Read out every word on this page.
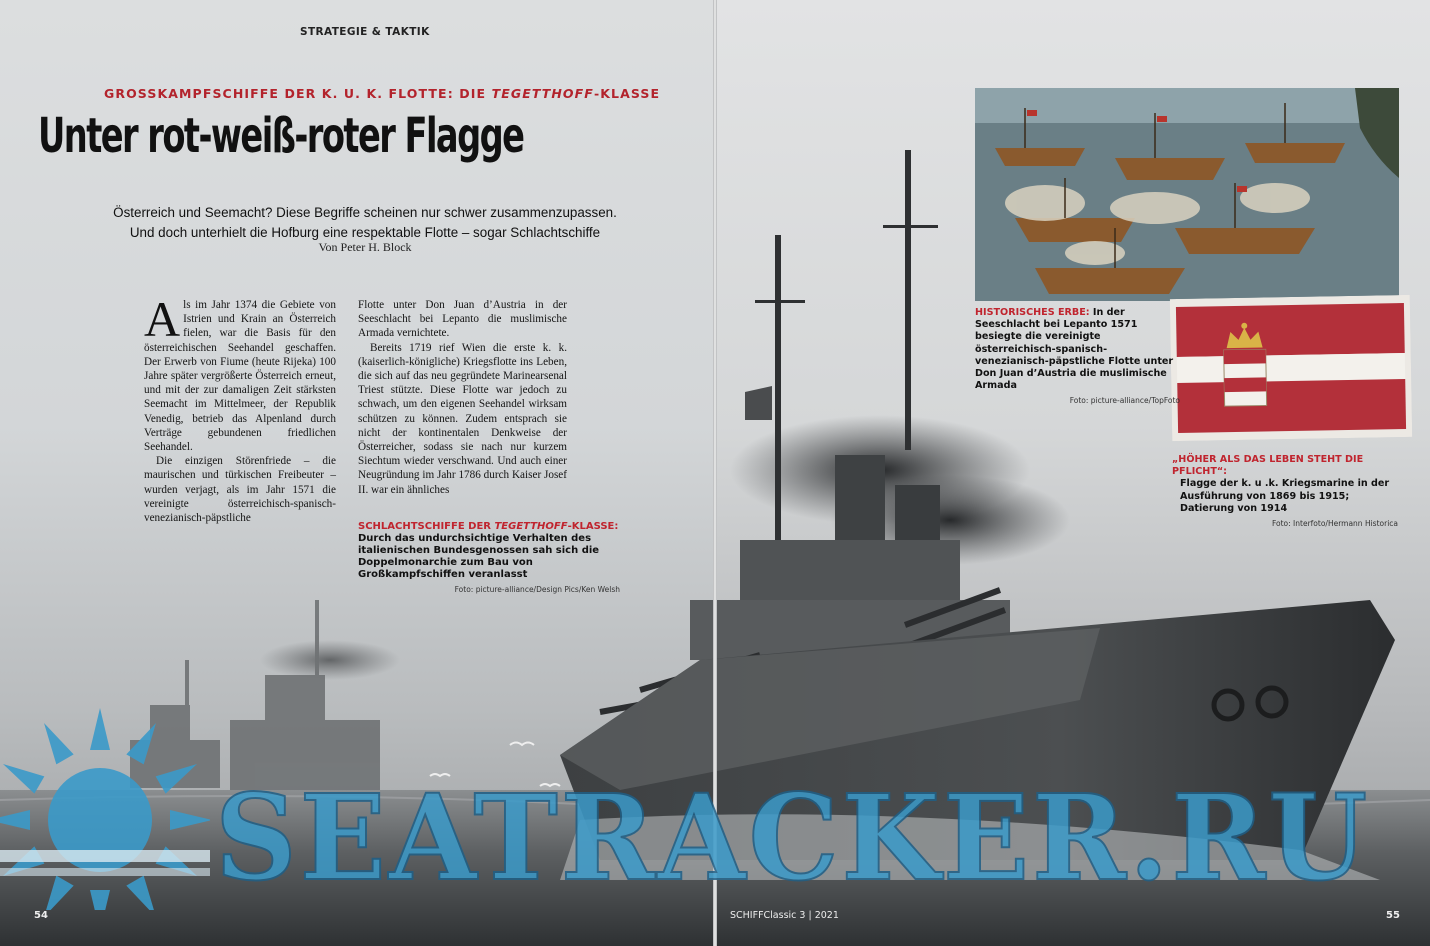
STRATEGIE & TAKTIK
GROSSKAMPFSCHIFFE DER K. U. K. FLOTTE: DIE TEGETTHOFF-KLASSE
Unter rot-weiß-roter Flagge
Österreich und Seemacht? Diese Begriffe scheinen nur schwer zusammenzupassen.
Und doch unterhielt die Hofburg eine respektable Flotte – sogar Schlachtschiffe
Von Peter H. Block

Als im Jahr 1374 die Gebiete von Istrien und Krain an Österreich fielen, war die Basis für den österreichischen Seehandel geschaffen. Der Erwerb von Fiume (heute Rijeka) 100 Jahre später vergrößerte Österreich erneut, und mit der zur damaligen Zeit stärksten Seemacht im Mittelmeer, der Republik Venedig, betrieb das Alpenland durch Verträge gebundenen friedlichen Seehandel.

Die einzigen Störenfriede – die maurischen und türkischen Freibeuter – wurden verjagt, als im Jahr 1571 die vereinigte österreichisch-spanisch-venezianisch-päpstliche

Flotte unter Don Juan d’Austria in der Seeschlacht bei Lepanto die muslimische Armada vernichtete.

Bereits 1719 rief Wien die erste k. k. (kaiserlich-königliche) Kriegsflotte ins Leben, die sich auf das neu gegründete Marinearsenal Triest stützte. Diese Flotte war jedoch zu schwach, um den eigenen Seehandel wirksam schützen zu können. Zudem entsprach sie nicht der kontinentalen Denkweise der Österreicher, sodass sie nach nur kurzem Siechtum wieder verschwand. Und auch einer Neugründung im Jahr 1786 durch Kaiser Josef II. war ein ähnliches

SCHLACHTSCHIFFE DER TEGETTHOFF-KLASSE:
Durch das undurchsichtige Verhalten des italienischen Bundesgenossen sah sich die Doppelmonarchie zum Bau von Großkampfschiffen veranlasst
Foto: picture-alliance/Design Pics/Ken Welsh
HISTORISCHES ERBE: In der Seeschlacht bei Lepanto 1571 besiegte die vereinigte österreichisch-spanisch-venezianisch-päpstliche Flotte unter Don Juan d’Austria die muslimische Armada
Foto: picture-alliance/TopFoto
„HÖHER ALS DAS LEBEN STEHT DIE PFLICHT“:
Flagge der k. u .k. Kriegsmarine in der Ausführung von 1869 bis 1915; Datierung von 1914
Foto: Interfoto/Hermann Historica
SEATRACKER.RU
54	SCHIFFClassic 3 | 2021	55
